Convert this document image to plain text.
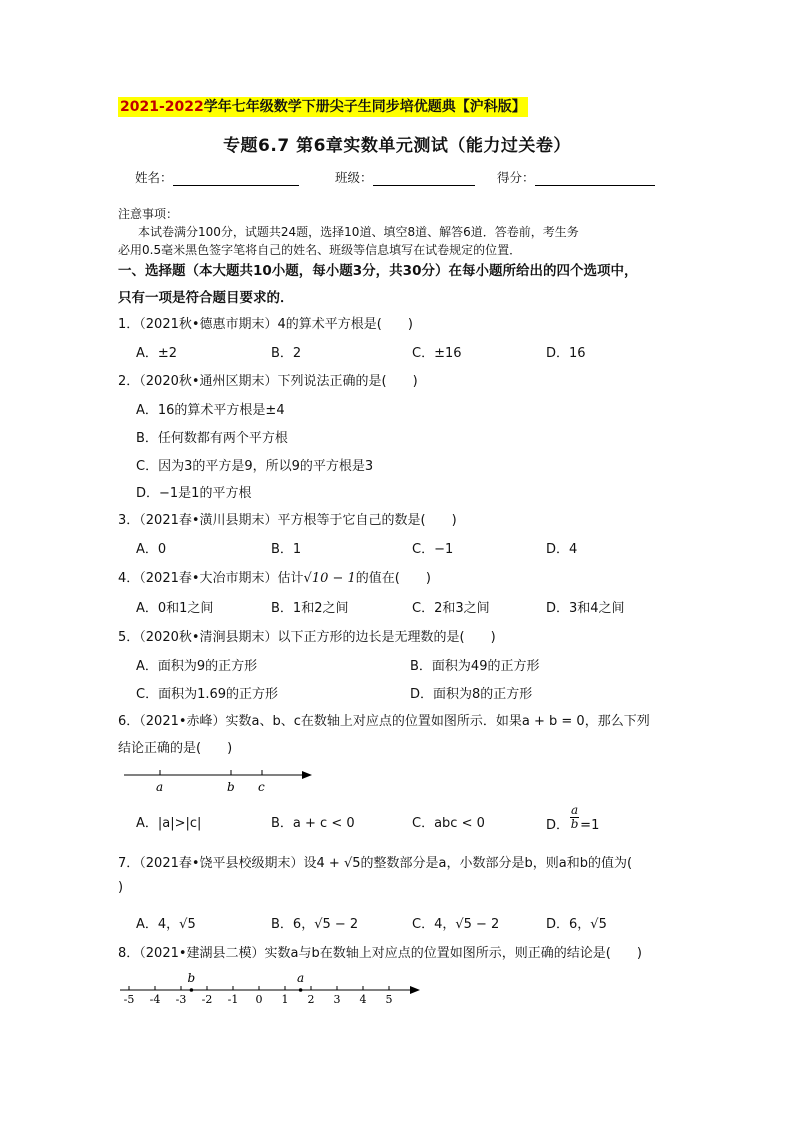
2021-2022学年七年级数学下册尖子生同步培优题典【沪科版】
专题6.7 第6章实数单元测试（能力过关卷）
姓名：	班级：	得分：
注意事项：
本试卷满分100分，试题共24题，选择10道、填空8道、解答6道．答卷前，考生务
必用0.5毫米黑色签字笔将自己的姓名、班级等信息填写在试卷规定的位置．
一、选择题（本大题共10小题，每小题3分，共30分）在每小题所给出的四个选项中，
只有一项是符合题目要求的．
1．（2021秋•德惠市期末）4的算术平方根是(　　)
A．±2	B．2	C．±16	D．16
2．（2020秋•通州区期末）下列说法正确的是(　　)
A．16的算术平方根是±4
B．任何数都有两个平方根
C．因为3的平方是9，所以9的平方根是3
D．−1是1的平方根
3．（2021春•潢川县期末）平方根等于它自己的数是(　　)
A．0	B．1	C．−1	D．4
4．（2021春•大冶市期末）估计√10 − 1的值在(　　)
A．0和1之间	B．1和2之间	C．2和3之间	D．3和4之间
5．（2020秋•清涧县期末）以下正方形的边长是无理数的是(　　)
A．面积为9的正方形	B．面积为49的正方形
C．面积为1.69的正方形	D．面积为8的正方形
6．（2021•赤峰）实数a、b、c在数轴上对应点的位置如图所示．如果a + b = 0，那么下列
结论正确的是(　　)
a	b c
A．|a|>|c|	B．a + c < 0	C．abc < 0	D． $\frac{a}{b} =1$
7．（2021春•饶平县校级期末）设4 + √5的整数部分是a，小数部分是b，则a和b的值为(
)
A．4，√5	B．6，√5 − 2	C．4，√5 − 2	D．6，√5
8．（2021•建湖县二模）实数a与b在数轴上对应点的位置如图所示，则正确的结论是(　　)
-5 -4 -3 -2 -1 0 1 2 3 4 5
b	a
